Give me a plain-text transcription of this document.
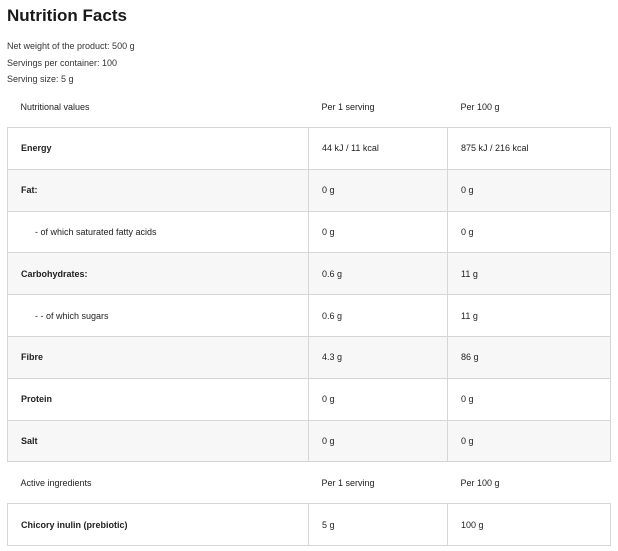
Nutrition Facts
Net weight of the product: 500 g
Servings per container: 100
Serving size: 5 g
Nutritional values	Per 1 serving	Per 100 g
Energy	44 kJ / 11 kcal	875 kJ / 216 kcal
Fat:	0 g	0 g
- of which saturated fatty acids	0 g	0 g
Carbohydrates:	0.6 g	11 g
- - of which sugars	0.6 g	11 g
Fibre	4.3 g	86 g
Protein	0 g	0 g
Salt	0 g	0 g
Active ingredients	Per 1 serving	Per 100 g
Chicory inulin (prebiotic)	5 g	100 g
